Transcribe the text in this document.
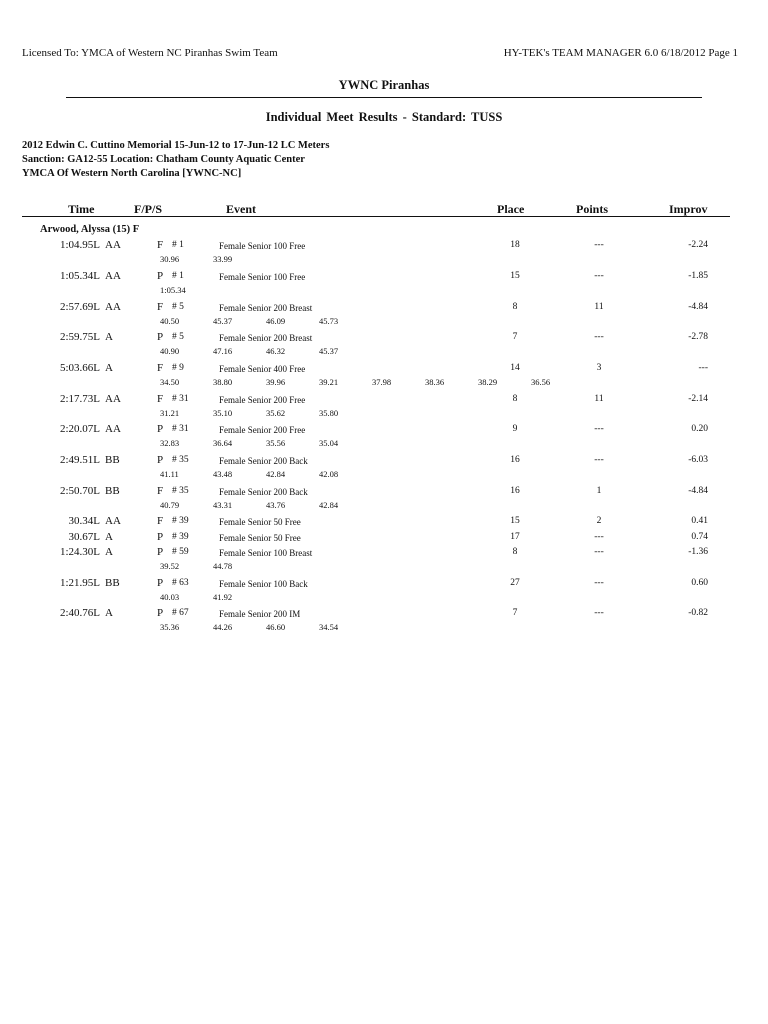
Licensed To: YMCA of Western NC Piranhas Swim Team	HY-TEK's TEAM MANAGER 6.0 6/18/2012 Page 1
YWNC Piranhas
Individual Meet Results - Standard: TUSS
2012 Edwin C. Cuttino Memorial 15-Jun-12 to 17-Jun-12 LC Meters
Sanction: GA12-55 Location: Chatham County Aquatic Center
YMCA Of Western North Carolina [YWNC-NC]
Time	F/P/S	Event	Place	Points	Improv
Arwood, Alyssa (15) F
1:04.95L AA	F # 1	Female Senior 100 Free	18	---	-2.24
30.96	33.99
1:05.34L AA	P # 1	Female Senior 100 Free	15	---	-1.85
1:05.34
2:57.69L AA	F # 5	Female Senior 200 Breast	8	11	-4.84
40.50	45.37	46.09	45.73
2:59.75L A	P # 5	Female Senior 200 Breast	7	---	-2.78
40.90	47.16	46.32	45.37
5:03.66L A	F # 9	Female Senior 400 Free	14	3	---
34.50	38.80	39.96	39.21	37.98	38.36	38.29	36.56
2:17.73L AA	F # 31	Female Senior 200 Free	8	11	-2.14
31.21	35.10	35.62	35.80
2:20.07L AA	P # 31	Female Senior 200 Free	9	---	0.20
32.83	36.64	35.56	35.04
2:49.51L BB	P # 35	Female Senior 200 Back	16	---	-6.03
41.11	43.48	42.84	42.08
2:50.70L BB	F # 35	Female Senior 200 Back	16	1	-4.84
40.79	43.31	43.76	42.84
30.34L AA	F # 39	Female Senior 50 Free	15	2	0.41
30.67L A	P # 39	Female Senior 50 Free	17	---	0.74
1:24.30L A	P # 59	Female Senior 100 Breast	8	---	-1.36
39.52	44.78
1:21.95L BB	P # 63	Female Senior 100 Back	27	---	0.60
40.03	41.92
2:40.76L A	P # 67	Female Senior 200 IM	7	---	-0.82
35.36	44.26	46.60	34.54
